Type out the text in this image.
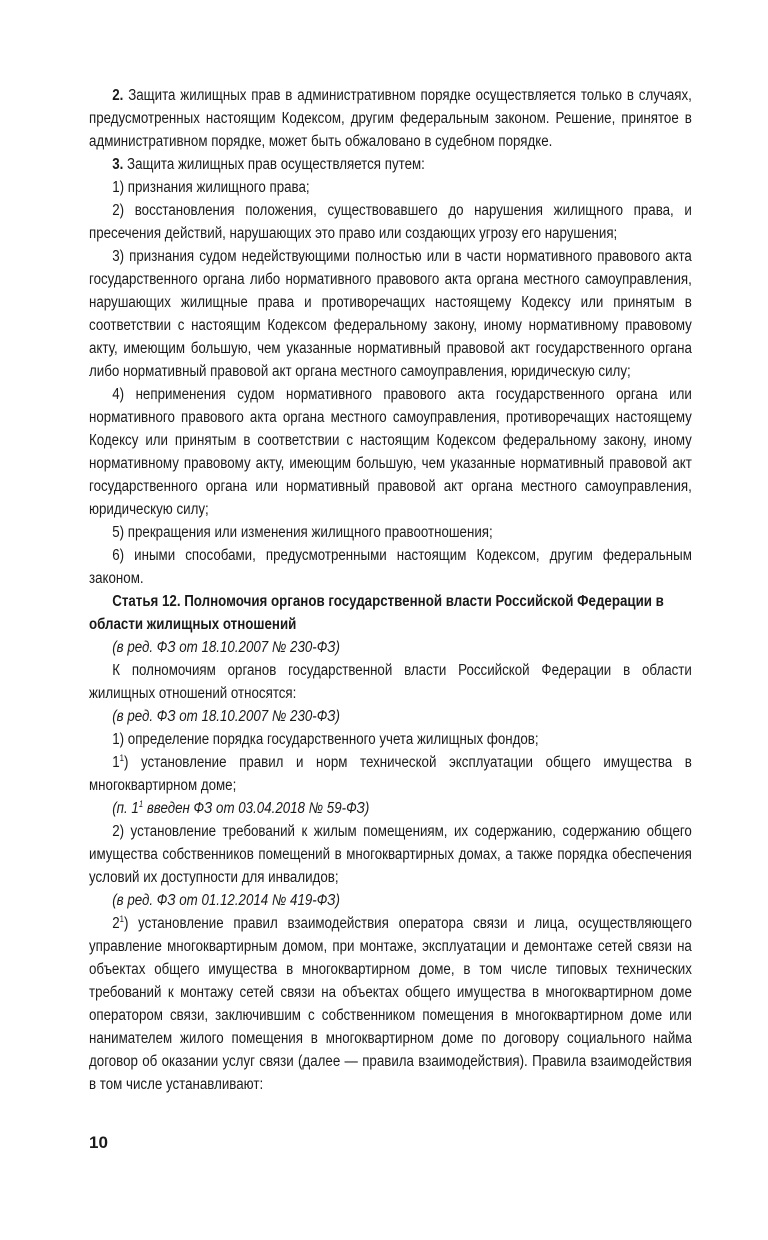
2. Защита жилищных прав в административном порядке осуществляется только в случаях, предусмотренных настоящим Кодексом, другим федеральным законом. Решение, принятое в административном порядке, может быть обжаловано в судебном порядке.

3. Защита жилищных прав осуществляется путем:

1) признания жилищного права;

2) восстановления положения, существовавшего до нарушения жилищного права, и пресечения действий, нарушающих это право или создающих угрозу его нарушения;

3) признания судом недействующими полностью или в части нормативного правового акта государственного органа либо нормативного правового акта органа местного самоуправления, нарушающих жилищные права и противоречащих настоящему Кодексу или принятым в соответствии с настоящим Кодексом федеральному закону, иному нормативному правовому акту, имеющим большую, чем указанные нормативный правовой акт государственного органа либо нормативный правовой акт органа местного самоуправления, юридическую силу;

4) неприменения судом нормативного правового акта государственного органа или нормативного правового акта органа местного самоуправления, противоречащих настоящему Кодексу или принятым в соответствии с настоящим Кодексом федеральному закону, иному нормативному правовому акту, имеющим большую, чем указанные нормативный правовой акт государственного органа или нормативный правовой акт органа местного самоуправления, юридическую силу;

5) прекращения или изменения жилищного правоотношения;

6) иными способами, предусмотренными настоящим Кодексом, другим федеральным законом.

Статья 12. Полномочия органов государственной власти Российской Федерации в области жилищных отношений

(в ред. ФЗ от 18.10.2007 № 230-ФЗ)

К полномочиям органов государственной власти Российской Федерации в области жилищных отношений относятся:

(в ред. ФЗ от 18.10.2007 № 230-ФЗ)

1) определение порядка государственного учета жилищных фондов;

$1^1$) установление правил и норм технической эксплуатации общего имущества в многоквартирном доме;

(п. $1^1$ введен ФЗ от 03.04.2018 № 59-ФЗ)

2) установление требований к жилым помещениям, их содержанию, содержанию общего имущества собственников помещений в многоквартирных домах, а также порядка обеспечения условий их доступности для инвалидов;

(в ред. ФЗ от 01.12.2014 № 419-ФЗ)

$2^1$) установление правил взаимодействия оператора связи и лица, осуществляющего управление многоквартирным домом, при монтаже, эксплуатации и демонтаже сетей связи на объектах общего имущества в многоквартирном доме, в том числе типовых технических требований к монтажу сетей связи на объектах общего имущества в многоквартирном доме оператором связи, заключившим с собственником помещения в многоквартирном доме или нанимателем жилого помещения в многоквартирном доме по договору социального найма договор об оказании услуг связи (далее — правила взаимодействия). Правила взаимодействия в том числе устанавливают:

10
